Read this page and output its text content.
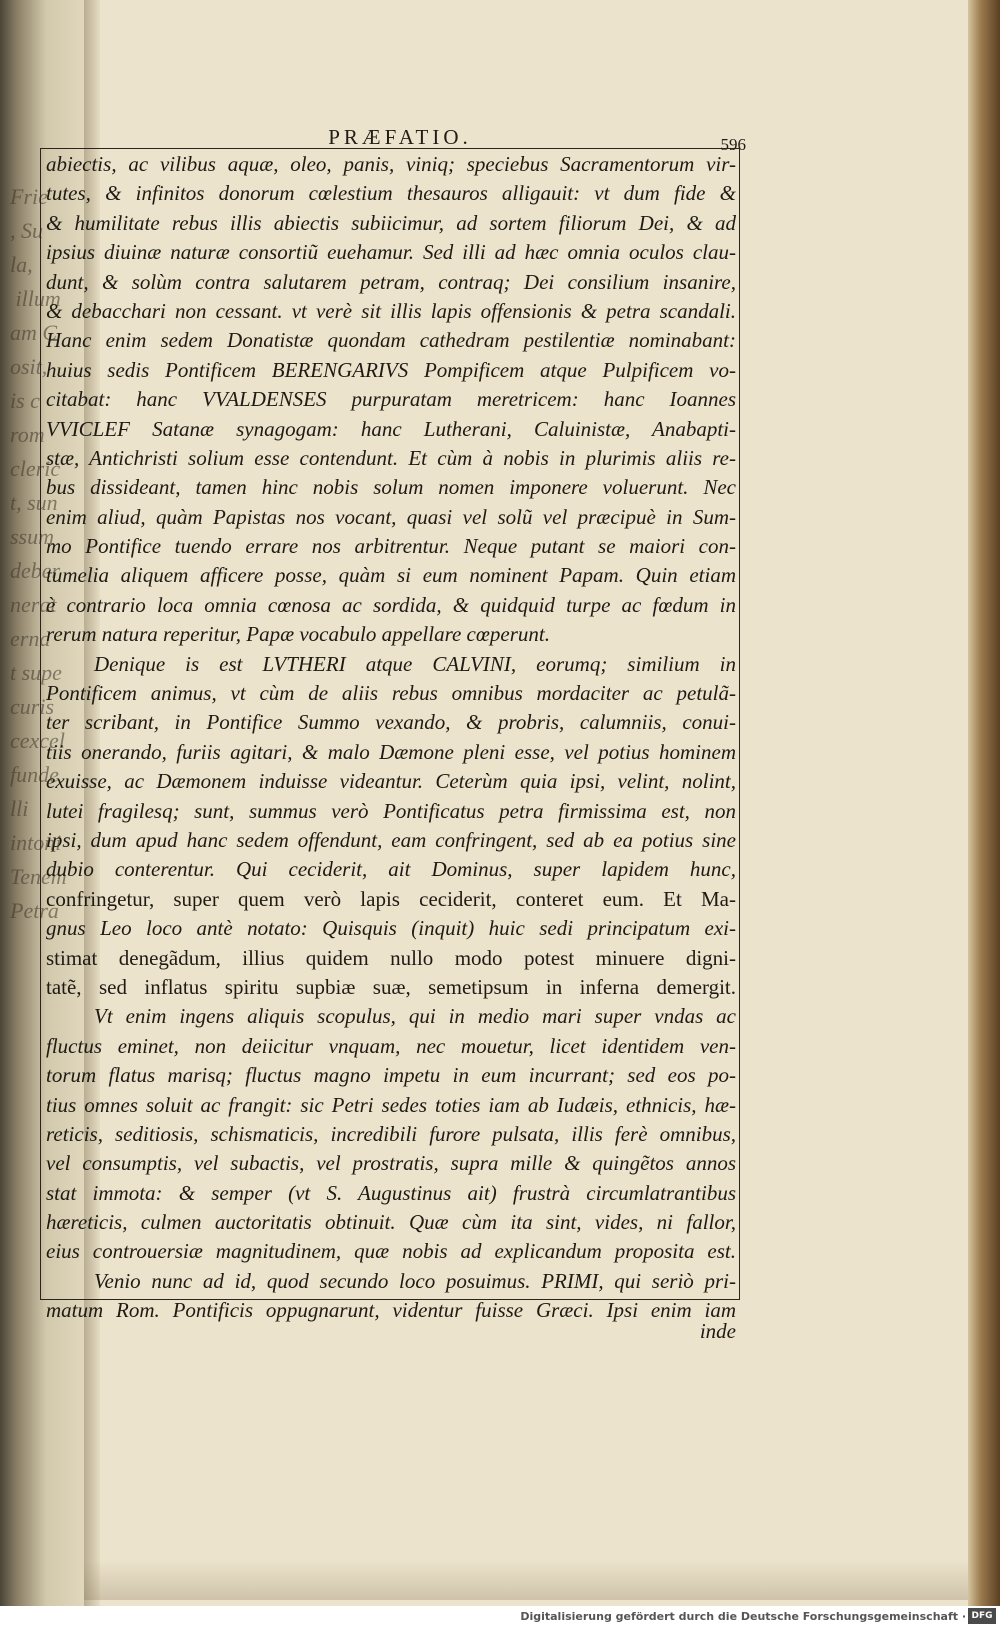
Frie
, Su
la,
illum
am C
osit,
is c
rom
cleric
t, sun
ssum
deber
nerat
erna
t supe
curis
cexcel
funde
lli
intoni
Tenem
Petra
PRÆFATIO.	596
abiectis, ac vilibus aquæ, oleo, panis, viniq; speciebus Sacramentorum vir-
tutes, & infinitos donorum cœlestium thesauros alligauit: vt dum fide &
& humilitate rebus illis abiectis subiicimur, ad sortem filiorum Dei, & ad
ipsius diuinæ naturæ consortiũ euehamur. Sed illi ad hæc omnia oculos clau-
dunt, & solùm contra salutarem petram, contraq; Dei consilium insanire,
& debacchari non cessant. vt verè sit illis lapis offensionis & petra scandali.
Hanc enim sedem Donatistæ quondam cathedram pestilentiæ nominabant:
huius sedis Pontificem BERENGARIVS Pompificem atque Pulpificem vo-
citabat: hanc VVALDENSES purpuratam meretricem: hanc Ioannes
VVICLEF Satanæ synagogam: hanc Lutherani, Caluinistæ, Anabapti-
stæ, Antichristi solium esse contendunt. Et cùm à nobis in plurimis aliis re-
bus dissideant, tamen hinc nobis solum nomen imponere voluerunt. Nec
enim aliud, quàm Papistas nos vocant, quasi vel solũ vel præcipuè in Sum-
mo Pontifice tuendo errare nos arbitrentur. Neque putant se maiori con-
tumelia aliquem afficere posse, quàm si eum nominent Papam. Quin etiam
è contrario loca omnia cœnosa ac sordida, & quidquid turpe ac fœdum in
rerum natura reperitur, Papæ vocabulo appellare cœperunt.
Denique is est LVTHERI atque CALVINI, eorumq; similium in
Pontificem animus, vt cùm de aliis rebus omnibus mordaciter ac petulã-
ter scribant, in Pontifice Summo vexando, & probris, calumniis, conui-
tiis onerando, furiis agitari, & malo Dæmone pleni esse, vel potius hominem
exuisse, ac Dæmonem induisse videantur. Ceterùm quia ipsi, velint, nolint,
lutei fragilesq; sunt, summus verò Pontificatus petra firmissima est, non
ipsi, dum apud hanc sedem offendunt, eam confringent, sed ab ea potius sine
dubio conterentur. Qui ceciderit, ait Dominus, super lapidem hunc,
confringetur, super quem verò lapis ceciderit, conteret eum. Et Ma-
gnus Leo loco antè notato: Quisquis (inquit) huic sedi principatum exi-
stimat denegãdum, illius quidem nullo modo potest minuere digni-
tatẽ, sed inflatus spiritu supbiæ suæ, semetipsum in inferna demergit.
Vt enim ingens aliquis scopulus, qui in medio mari super vndas ac
fluctus eminet, non deiicitur vnquam, nec mouetur, licet identidem ven-
torum flatus marisq; fluctus magno impetu in eum incurrant; sed eos po-
tius omnes soluit ac frangit: sic Petri sedes toties iam ab Iudæis, ethnicis, hæ-
reticis, seditiosis, schismaticis, incredibili furore pulsata, illis ferè omnibus,
vel consumptis, vel subactis, vel prostratis, supra mille & quingẽtos annos
stat immota: & semper (vt S. Augustinus ait) frustrà circumlatrantibus
hæreticis, culmen auctoritatis obtinuit. Quæ cùm ita sint, vides, ni fallor,
eius controuersiæ magnitudinem, quæ nobis ad explicandum proposita est.
Venio nunc ad id, quod secundo loco posuimus. PRIMI, qui seriò pri-
matum Rom. Pontificis oppugnarunt, videntur fuisse Græci. Ipsi enim iam
inde
Digitalisierung gefördert durch die Deutsche Forschungsgemeinschaft · DFG
